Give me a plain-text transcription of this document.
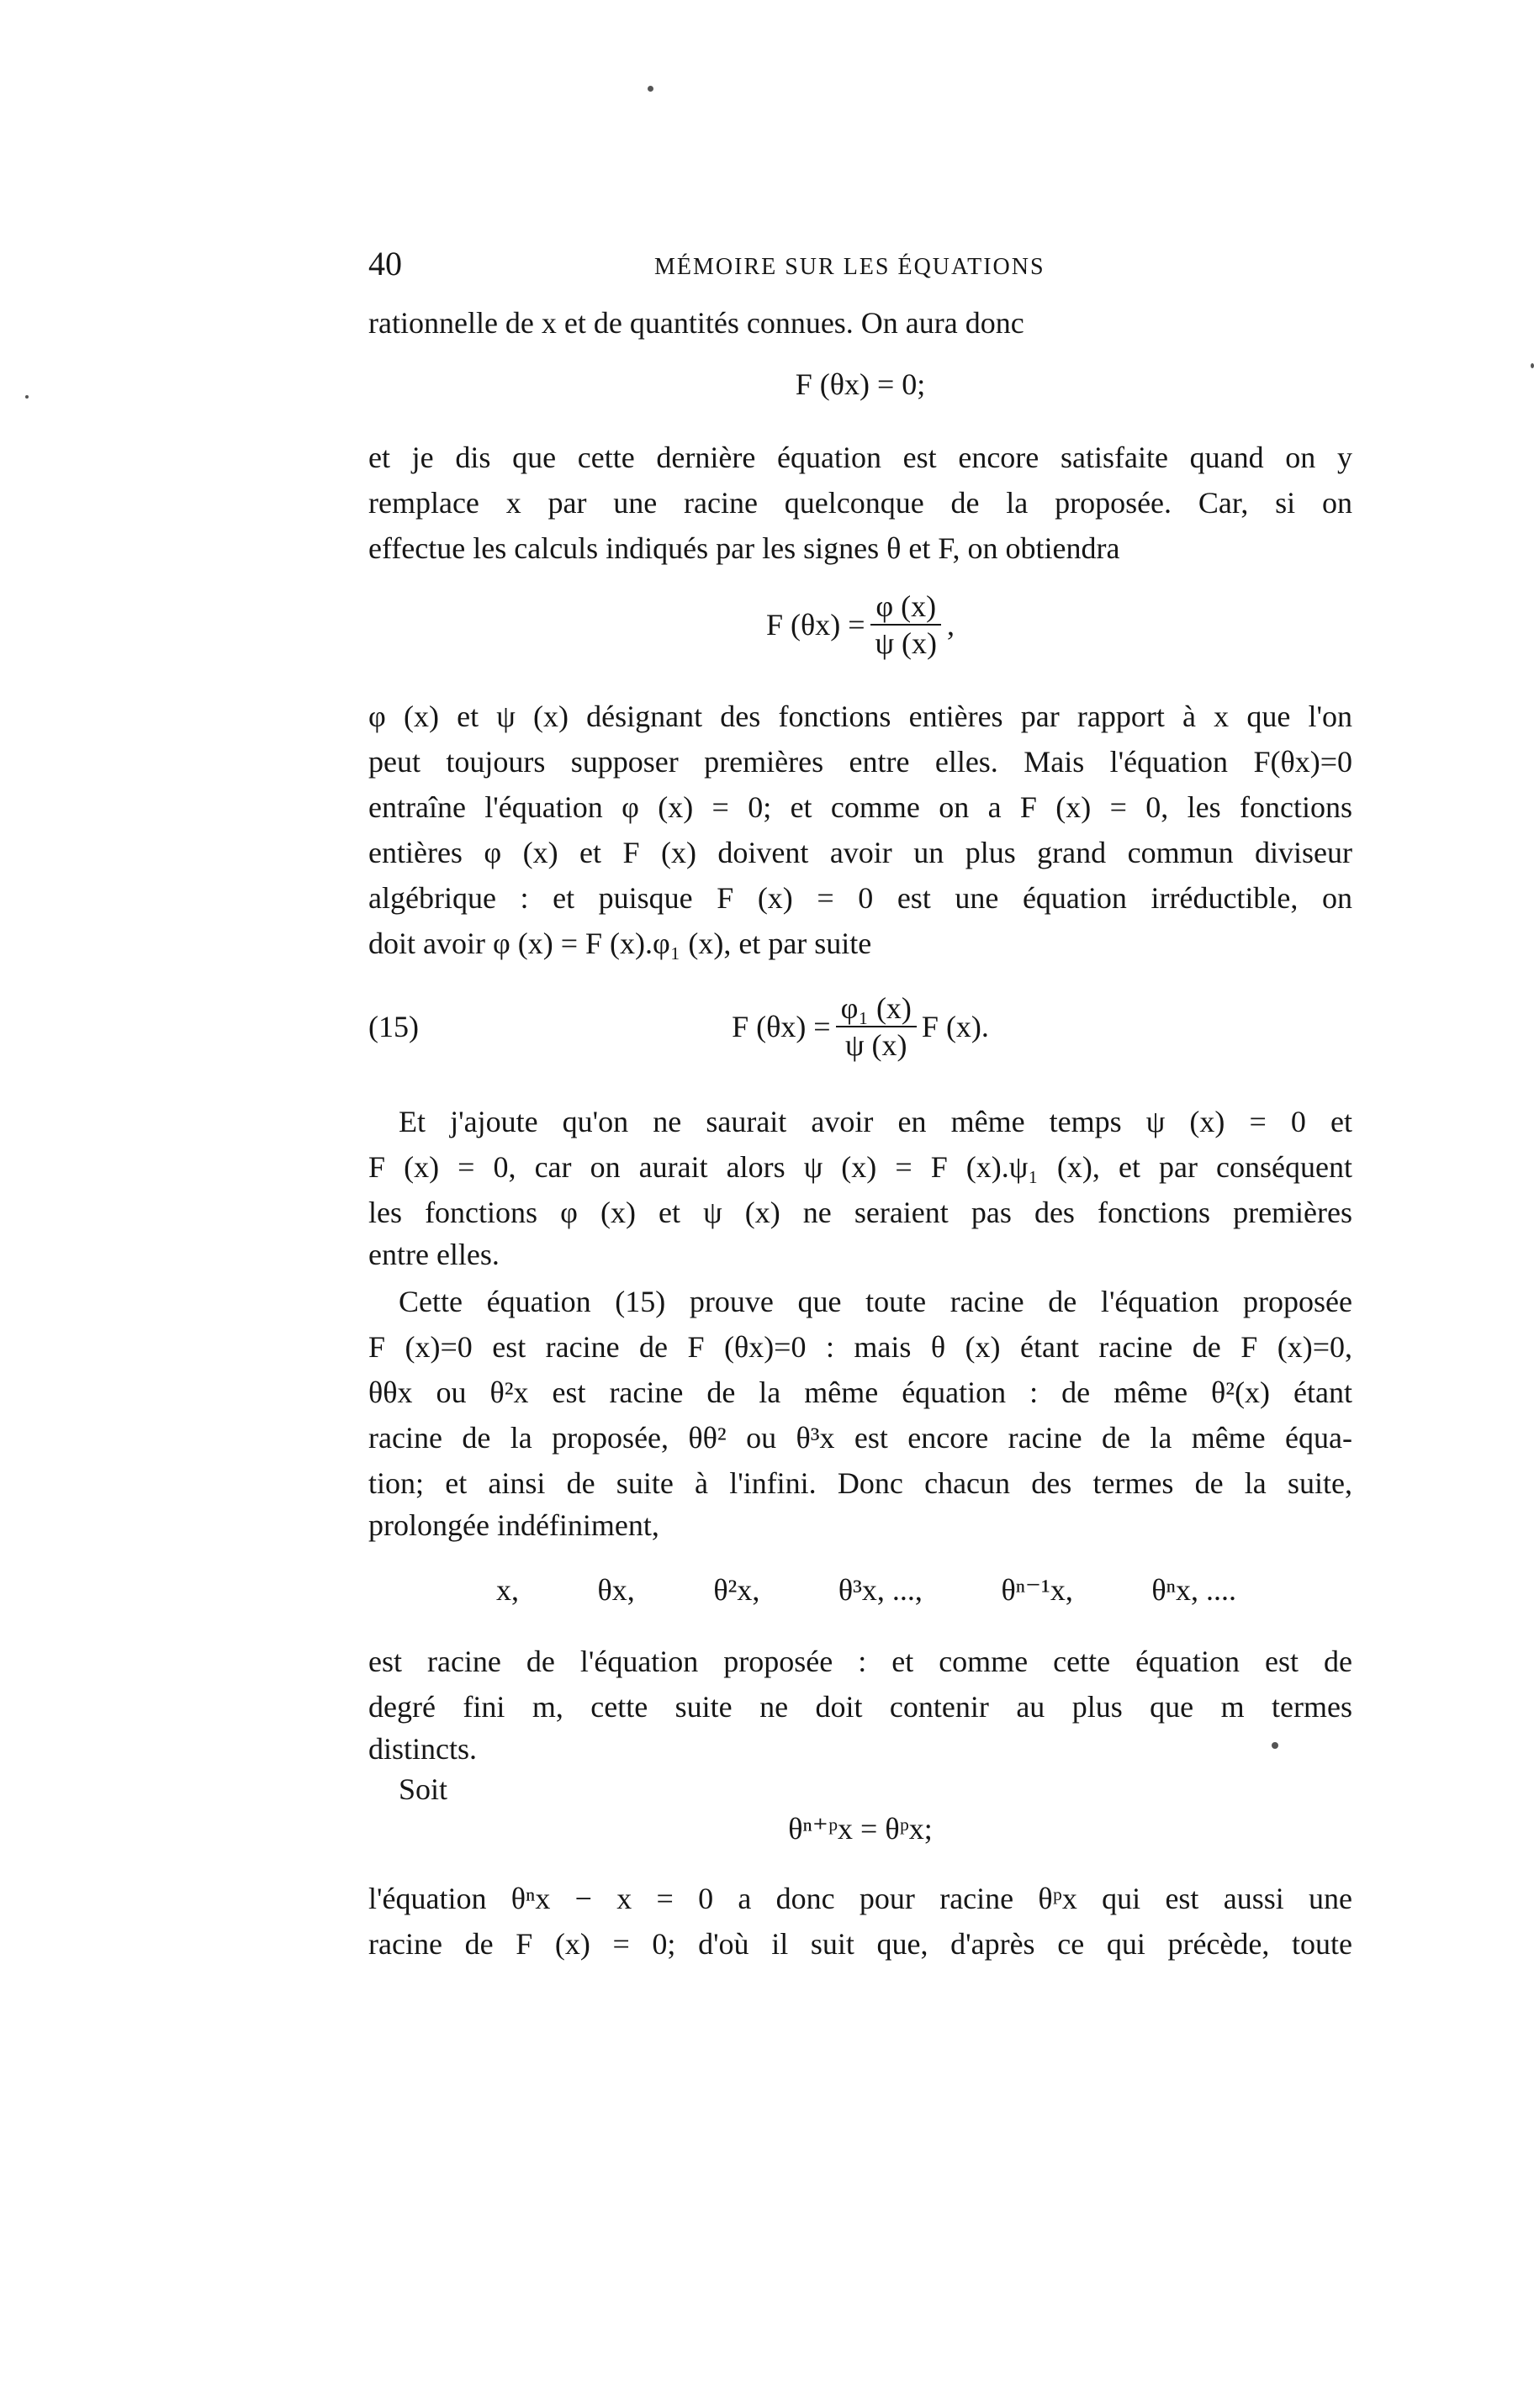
40	MÉMOIRE SUR LES ÉQUATIONS
rationnelle de x et de quantités connues. On aura donc
F (θx) = 0;
et je dis que cette dernière équation est encore satisfaite quand on y
remplace x par une racine quelconque de la proposée. Car, si on
effectue les calculs indiqués par les signes θ et F, on obtiendra
F $(\theta x) = \frac{\varphi (x)}{\psi (x)}$ ,
φ (x) et ψ (x) désignant des fonctions entières par rapport à x que l'on
peut toujours supposer premières entre elles. Mais l'équation F(θx)=0
entraîne l'équation φ (x) = 0; et comme on a F (x) = 0, les fonctions
entières φ (x) et F (x) doivent avoir un plus grand commun diviseur
algébrique : et puisque F (x) = 0 est une équation irréductible, on
doit avoir φ (x) = F (x).φ₁ (x), et par suite
(15)	F $(\theta x) = \frac{\text{φ₁ (x)}}{\psi (x)}$ F (x).
Et j'ajoute qu'on ne saurait avoir en même temps ψ (x) = 0 et
F (x) = 0, car on aurait alors ψ (x) = F (x).ψ₁ (x), et par conséquent
les fonctions φ (x) et ψ (x) ne seraient pas des fonctions premières
entre elles.
Cette équation (15) prouve que toute racine de l'équation proposée
F (x)=0 est racine de F (θx)=0 : mais θ (x) étant racine de F (x)=0,
θθx ou θ²x est racine de la même équation : de même θ²(x) étant
racine de la proposée, θθ² ou θ³x est encore racine de la même équa-
tion; et ainsi de suite à l'infini. Donc chacun des termes de la suite,
prolongée indéfiniment,
x,	θx,	θ²x,	θ³x, ...,	θⁿ⁻¹x,	θⁿx, ....
est racine de l'équation proposée : et comme cette équation est de
degré fini m, cette suite ne doit contenir au plus que m termes
distincts.
Soit
θⁿ⁺ᵖx = θᵖx;
l'équation θⁿx − x = 0 a donc pour racine θᵖx qui est aussi une
racine de F (x) = 0; d'où il suit que, d'après ce qui précède, toute
